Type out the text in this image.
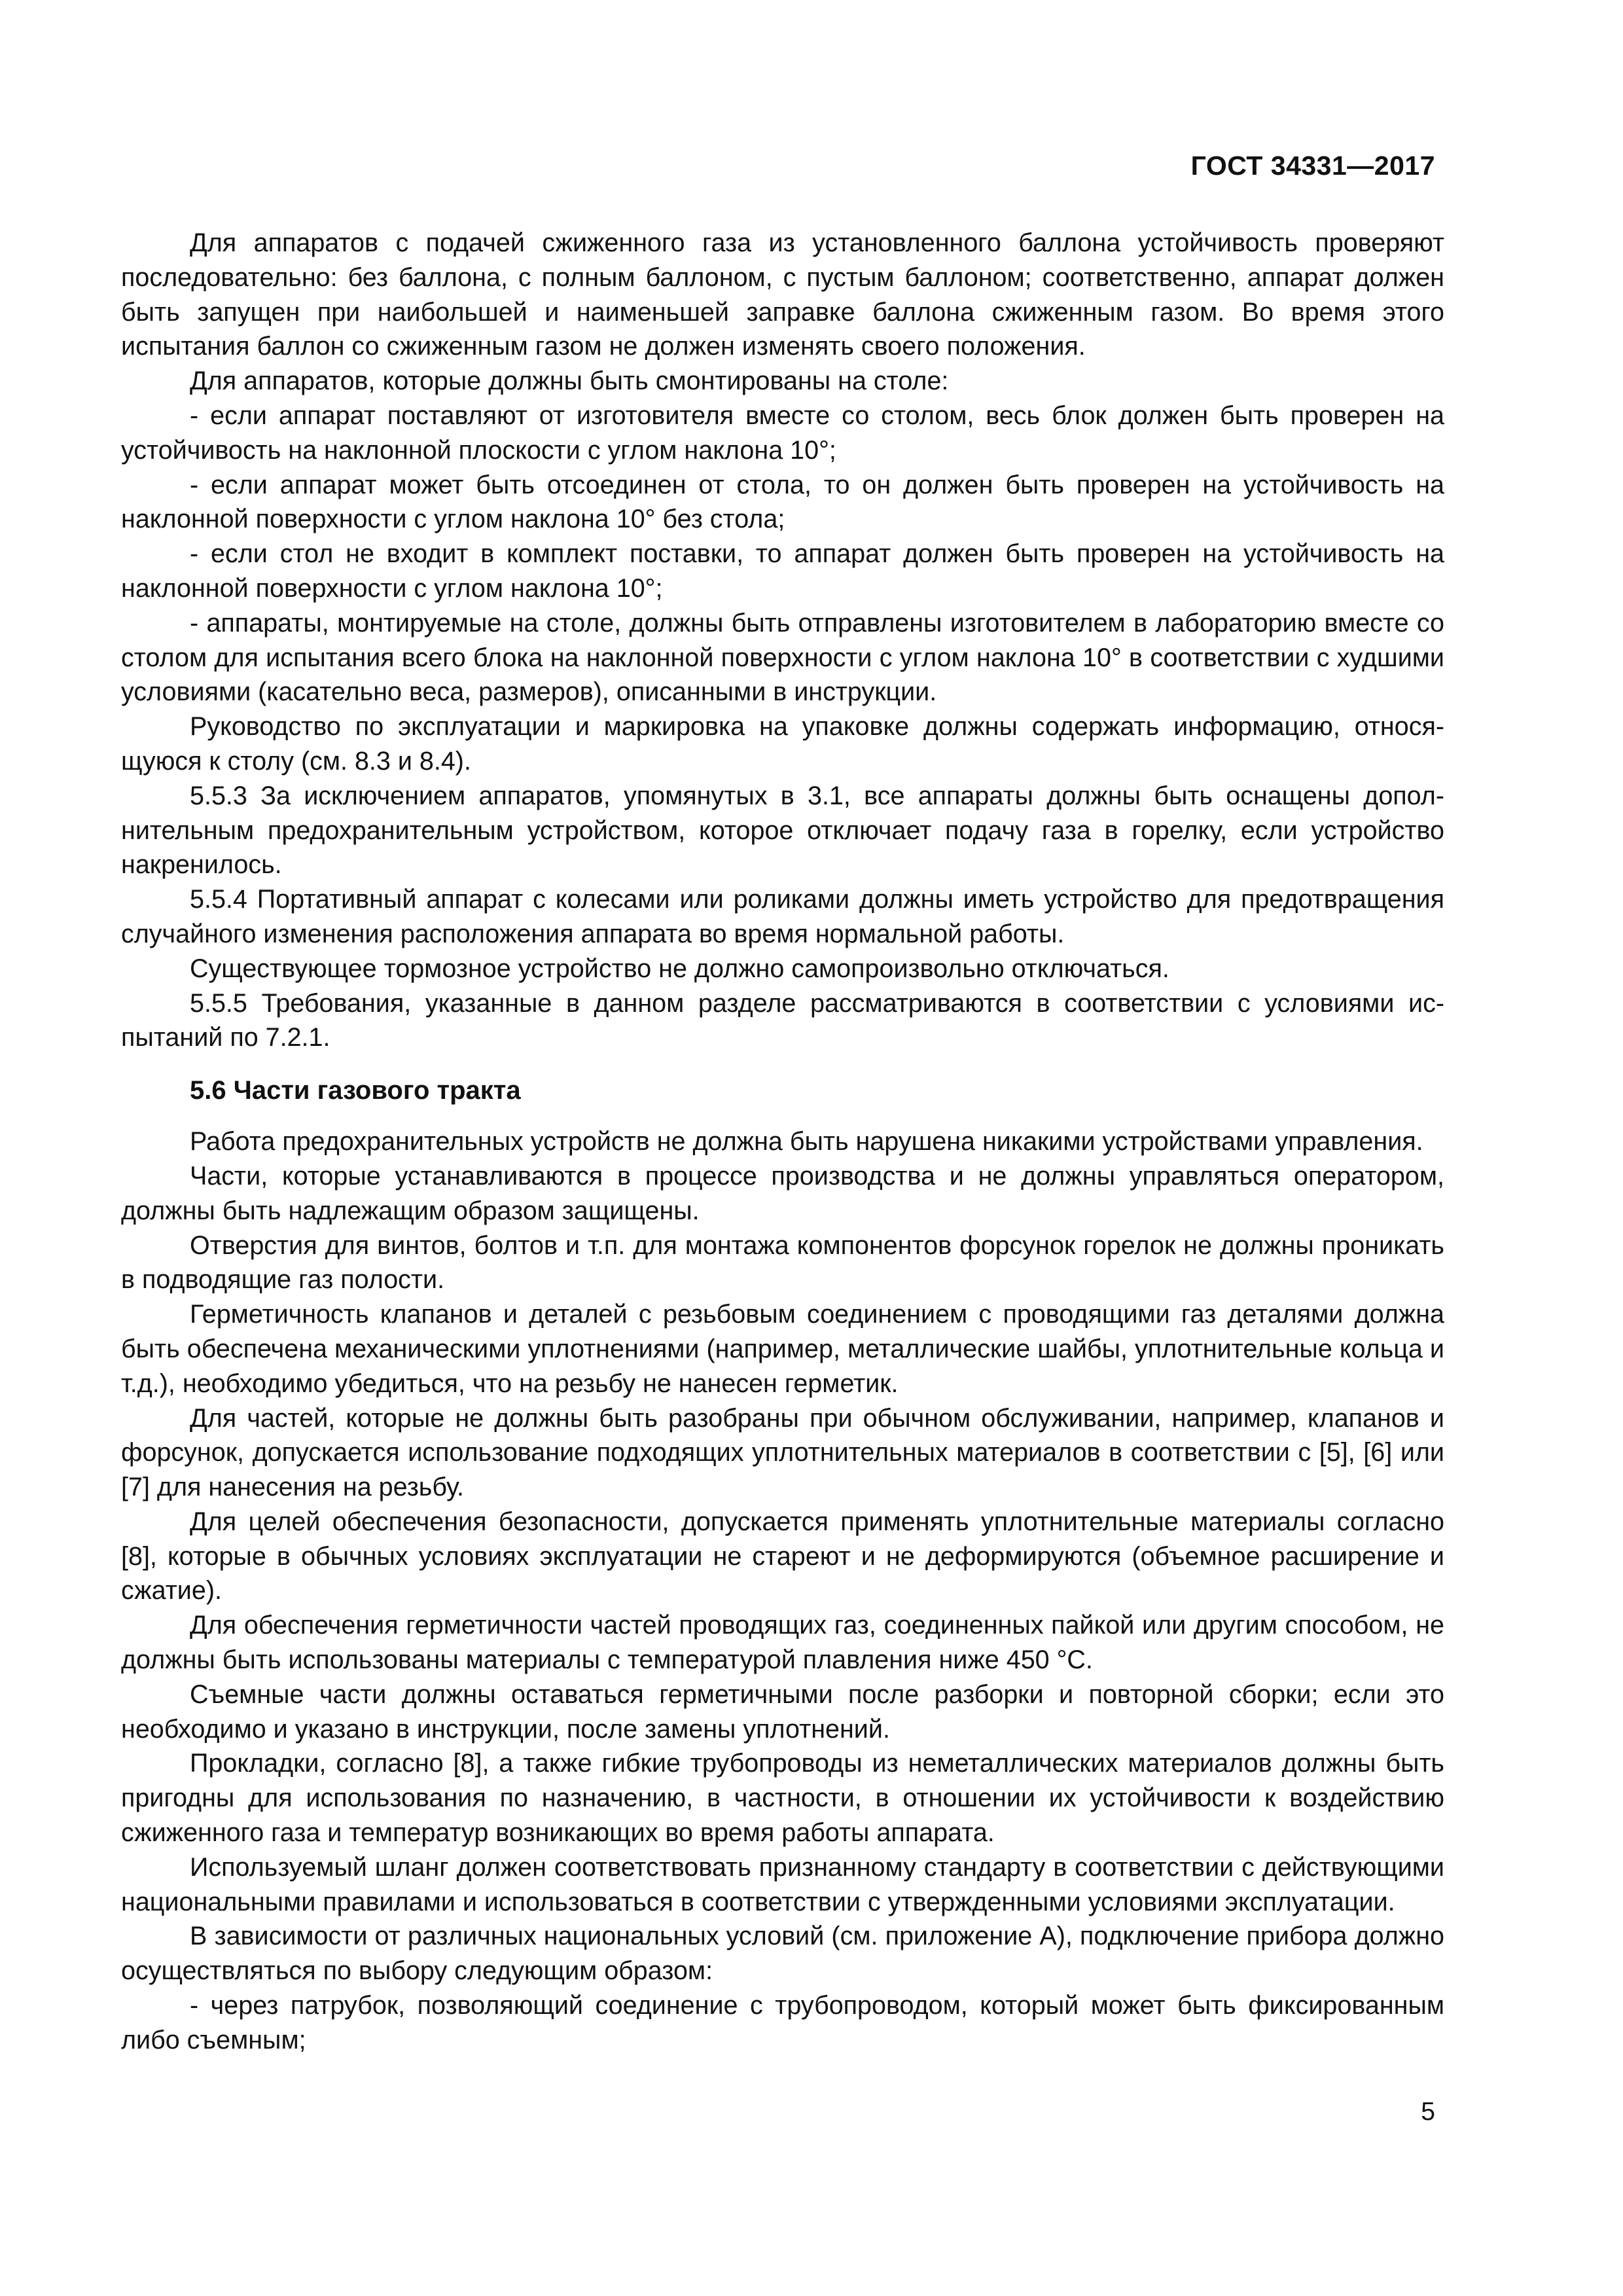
ГОСТ 34331—2017

Для аппаратов с подачей сжиженного газа из установленного баллона устойчивость проверяют последовательно: без баллона, с полным баллоном, с пустым баллоном; соответственно, аппарат должен быть запущен при наибольшей и наименьшей заправке баллона сжиженным газом. Во время этого испытания баллон со сжиженным газом не должен изменять своего положения.

Для аппаратов, которые должны быть смонтированы на столе:

- если аппарат поставляют от изготовителя вместе со столом, весь блок должен быть проверен на устойчивость на наклонной плоскости с углом наклона 10°;

- если аппарат может быть отсоединен от стола, то он должен быть проверен на устойчивость на наклонной поверхности с углом наклона 10° без стола;

- если стол не входит в комплект поставки, то аппарат должен быть проверен на устойчивость на наклонной поверхности с углом наклона 10°;

- аппараты, монтируемые на столе, должны быть отправлены изготовителем в лабораторию вместе со столом для испытания всего блока на наклонной поверхности с углом наклона 10° в соответствии с худшими условиями (касательно веса, размеров), описанными в инструкции.

Руководство по эксплуатации и маркировка на упаковке должны содержать информацию, относящуюся к столу (см. 8.3 и 8.4).

5.5.3 За исключением аппаратов, упомянутых в 3.1, все аппараты должны быть оснащены дополнительным предохранительным устройством, которое отключает подачу газа в горелку, если устройство накренилось.

5.5.4 Портативный аппарат с колесами или роликами должны иметь устройство для предотвращения случайного изменения расположения аппарата во время нормальной работы.

Существующее тормозное устройство не должно самопроизвольно отключаться.

5.5.5 Требования, указанные в данном разделе рассматриваются в соответствии с условиями испытаний по 7.2.1.

5.6 Части газового тракта

Работа предохранительных устройств не должна быть нарушена никакими устройствами управления.

Части, которые устанавливаются в процессе производства и не должны управляться оператором, должны быть надлежащим образом защищены.

Отверстия для винтов, болтов и т.п. для монтажа компонентов форсунок горелок не должны проникать в подводящие газ полости.

Герметичность клапанов и деталей с резьбовым соединением с проводящими газ деталями должна быть обеспечена механическими уплотнениями (например, металлические шайбы, уплотнительные кольца и т.д.), необходимо убедиться, что на резьбу не нанесен герметик.

Для частей, которые не должны быть разобраны при обычном обслуживании, например, клапанов и форсунок, допускается использование подходящих уплотнительных материалов в соответствии с [5], [6] или [7] для нанесения на резьбу.

Для целей обеспечения безопасности, допускается применять уплотнительные материалы согласно [8], которые в обычных условиях эксплуатации не стареют и не деформируются (объемное расширение и сжатие).

Для обеспечения герметичности частей проводящих газ, соединенных пайкой или другим способом, не должны быть использованы материалы с температурой плавления ниже 450 °C.

Съемные части должны оставаться герметичными после разборки и повторной сборки; если это необходимо и указано в инструкции, после замены уплотнений.

Прокладки, согласно [8], а также гибкие трубопроводы из неметаллических материалов должны быть пригодны для использования по назначению, в частности, в отношении их устойчивости к воздействию сжиженного газа и температур возникающих во время работы аппарата.

Используемый шланг должен соответствовать признанному стандарту в соответствии с действующими национальными правилами и использоваться в соответствии с утвержденными условиями эксплуатации.

В зависимости от различных национальных условий (см. приложение А), подключение прибора должно осуществляться по выбору следующим образом:

- через патрубок, позволяющий соединение с трубопроводом, который может быть фиксированным либо съемным;

5
